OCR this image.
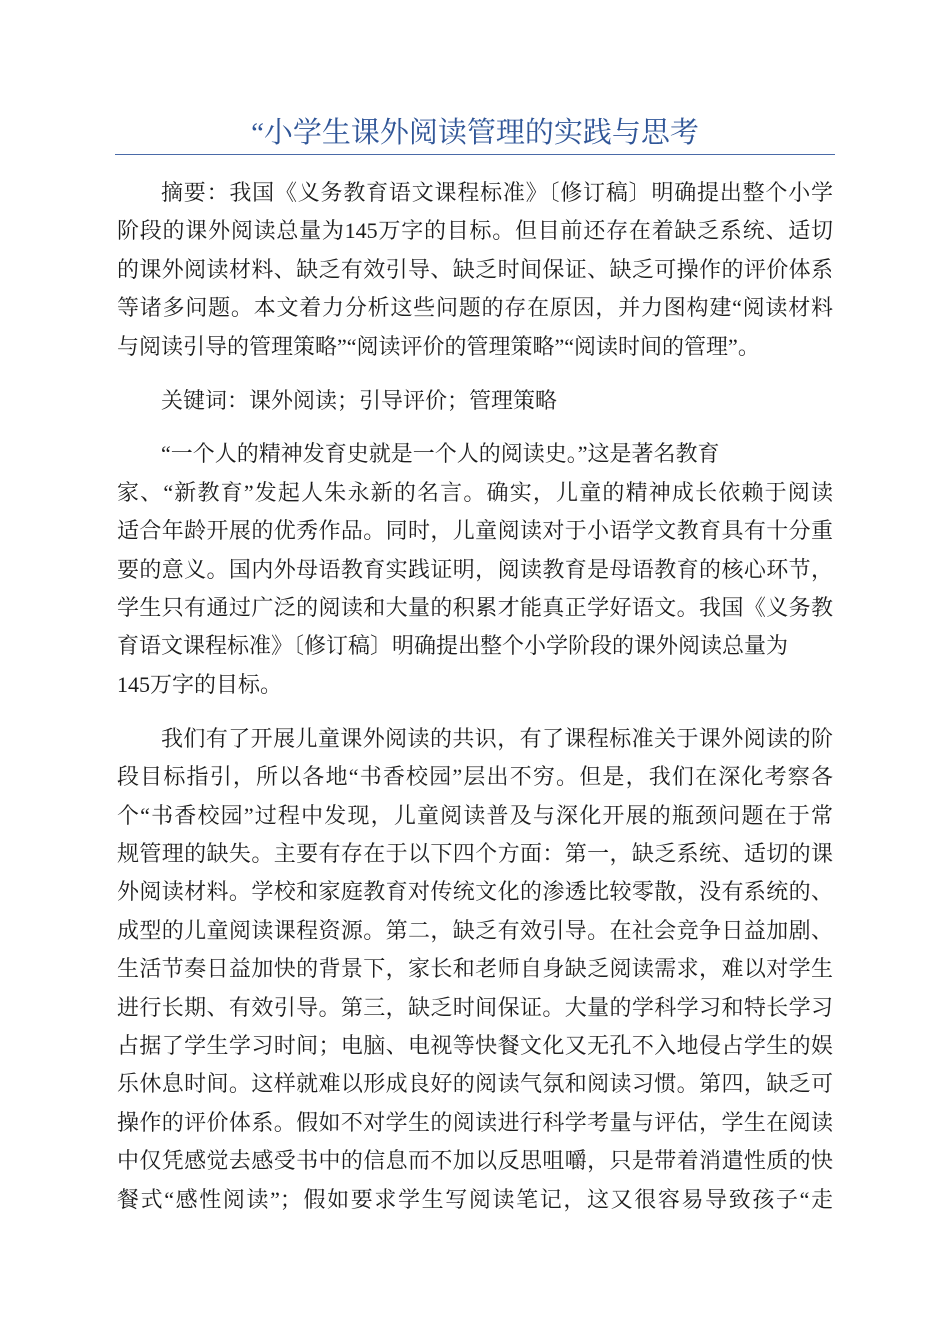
“小学生课外阅读管理的实践与思考
摘要：我国《义务教育语文课程标准》〔修订稿〕明确提出整个小学
阶段的课外阅读总量为145万字的目标。但目前还存在着缺乏系统、适切
的课外阅读材料、缺乏有效引导、缺乏时间保证、缺乏可操作的评价体系
等诸多问题。本文着力分析这些问题的存在原因，并力图构建“阅读材料
与阅读引导的管理策略”“阅读评价的管理策略”“阅读时间的管理”。
关键词：课外阅读；引导评价；管理策略
“一个人的精神发育史就是一个人的阅读史。”这是著名教育
家、“新教育”发起人朱永新的名言。确实，儿童的精神成长依赖于阅读
适合年龄开展的优秀作品。同时，儿童阅读对于小语学文教育具有十分重
要的意义。国内外母语教育实践证明，阅读教育是母语教育的核心环节，
学生只有通过广泛的阅读和大量的积累才能真正学好语文。我国《义务教
育语文课程标准》〔修订稿〕明确提出整个小学阶段的课外阅读总量为
145万字的目标。
我们有了开展儿童课外阅读的共识，有了课程标准关于课外阅读的阶
段目标指引，所以各地“书香校园”层出不穷。但是，我们在深化考察各
个“书香校园”过程中发现，儿童阅读普及与深化开展的瓶颈问题在于常
规管理的缺失。主要有存在于以下四个方面：第一，缺乏系统、适切的课
外阅读材料。学校和家庭教育对传统文化的渗透比较零散，没有系统的、
成型的儿童阅读课程资源。第二，缺乏有效引导。在社会竞争日益加剧、
生活节奏日益加快的背景下，家长和老师自身缺乏阅读需求，难以对学生
进行长期、有效引导。第三，缺乏时间保证。大量的学科学习和特长学习
占据了学生学习时间；电脑、电视等快餐文化又无孔不入地侵占学生的娱
乐休息时间。这样就难以形成良好的阅读气氛和阅读习惯。第四，缺乏可
操作的评价体系。假如不对学生的阅读进行科学考量与评估，学生在阅读
中仅凭感觉去感受书中的信息而不加以反思咀嚼，只是带着消遣性质的快
餐式“感性阅读”；假如要求学生写阅读笔记，这又很容易导致孩子“走
